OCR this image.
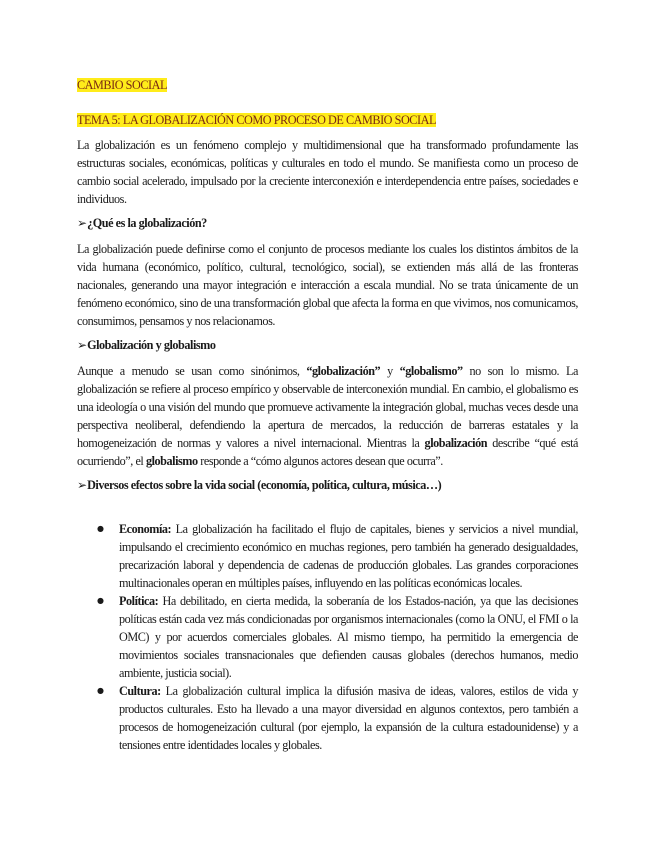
CAMBIO SOCIAL
TEMA 5: LA GLOBALIZACIÓN COMO PROCESO DE CAMBIO SOCIAL

La globalización es un fenómeno complejo y multidimensional que ha transformado profundamente las estructuras sociales, económicas, políticas y culturales en todo el mundo. Se manifiesta como un proceso de cambio social acelerado, impulsado por la creciente interconexión e interdependencia entre países, sociedades e individuos.

➢¿Qué es la globalización?

La globalización puede definirse como el conjunto de procesos mediante los cuales los distintos ámbitos de la vida humana (económico, político, cultural, tecnológico, social), se extienden más allá de las fronteras nacionales, generando una mayor integración e interacción a escala mundial. No se trata únicamente de un fenómeno económico, sino de una transformación global que afecta la forma en que vivimos, nos comunicamos, consumimos, pensamos y nos relacionamos.

➢Globalización y globalismo

Aunque a menudo se usan como sinónimos, “globalización” y “globalismo” no son lo mismo. La globalización se refiere al proceso empírico y observable de interconexión mundial. En cambio, el globalismo es una ideología o una visión del mundo que promueve activamente la integración global, muchas veces desde una perspectiva neoliberal, defendiendo la apertura de mercados, la reducción de barreras estatales y la homogeneización de normas y valores a nivel internacional. Mientras la globalización describe “qué está ocurriendo”, el globalismo responde a “cómo algunos actores desean que ocurra”.

➢Diversos efectos sobre la vida social (economía, política, cultura, música…)
● Economía: La globalización ha facilitado el flujo de capitales, bienes y servicios a nivel mundial, impulsando el crecimiento económico en muchas regiones, pero también ha generado desigualdades, precarización laboral y dependencia de cadenas de producción globales. Las grandes corporaciones multinacionales operan en múltiples países, influyendo en las políticas económicas locales.
● Política: Ha debilitado, en cierta medida, la soberanía de los Estados-nación, ya que las decisiones políticas están cada vez más condicionadas por organismos internacionales (como la ONU, el FMI o la OMC) y por acuerdos comerciales globales. Al mismo tiempo, ha permitido la emergencia de movimientos sociales transnacionales que defienden causas globales (derechos humanos, medio ambiente, justicia social).
● Cultura: La globalización cultural implica la difusión masiva de ideas, valores, estilos de vida y productos culturales. Esto ha llevado a una mayor diversidad en algunos contextos, pero también a procesos de homogeneización cultural (por ejemplo, la expansión de la cultura estadounidense) y a tensiones entre identidades locales y globales.
